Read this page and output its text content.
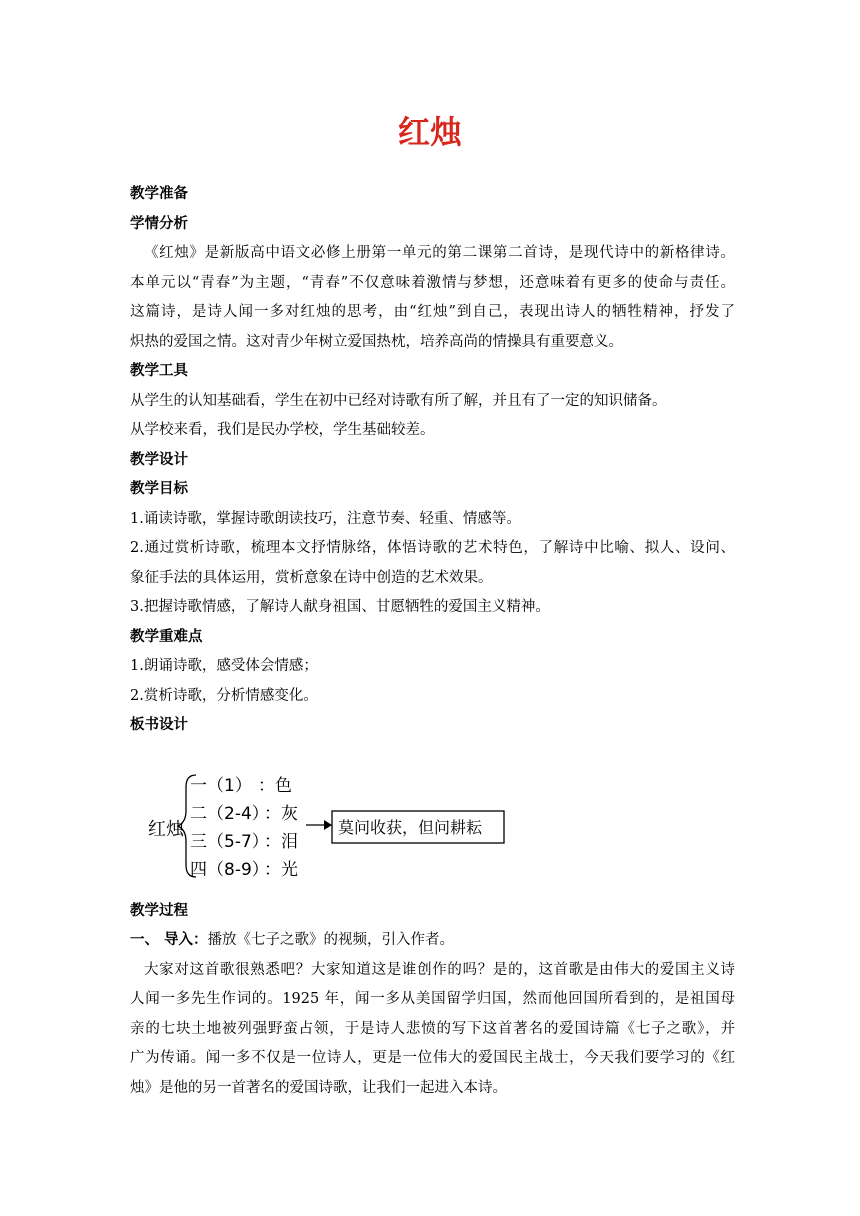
红烛
教学准备
学情分析
《红烛》是新版高中语文必修上册第一单元的第二课第二首诗，是现代诗中的新格律诗。
本单元以“青春”为主题，“青春”不仅意味着激情与梦想，还意味着有更多的使命与责任。
这篇诗，是诗人闻一多对红烛的思考，由“红烛”到自己，表现出诗人的牺牲精神，抒发了
炽热的爱国之情。这对青少年树立爱国热枕，培养高尚的情操具有重要意义。
教学工具
从学生的认知基础看，学生在初中已经对诗歌有所了解，并且有了一定的知识储备。
从学校来看，我们是民办学校，学生基础较差。
教学设计
教学目标
1.诵读诗歌，掌握诗歌朗读技巧，注意节奏、轻重、情感等。
2.通过赏析诗歌，梳理本文抒情脉络，体悟诗歌的艺术特色，了解诗中比喻、拟人、设问、
象征手法的具体运用，赏析意象在诗中创造的艺术效果。
3.把握诗歌情感，了解诗人献身祖国、甘愿牺牲的爱国主义精神。
教学重难点
1.朗诵诗歌，感受体会情感；
2.赏析诗歌，分析情感变化。
板书设计
红烛
一（1） ：色
二（2-4）
：灰
三（5-7）
：泪
四（8-9）
：光
莫问收获，但问耕耘
教学过程
一、 导入：播放《七子之歌》的视频，引入作者。
大家对这首歌很熟悉吧？大家知道这是谁创作的吗？是的，这首歌是由伟大的爱国主义诗
人闻一多先生作词的。1925 年，闻一多从美国留学归国，然而他回国所看到的，是祖国母
亲的七块土地被列强野蛮占领，于是诗人悲愤的写下这首著名的爱国诗篇《七子之歌》，并
广为传诵。闻一多不仅是一位诗人，更是一位伟大的爱国民主战士，今天我们要学习的《红
烛》是他的另一首著名的爱国诗歌，让我们一起进入本诗。
